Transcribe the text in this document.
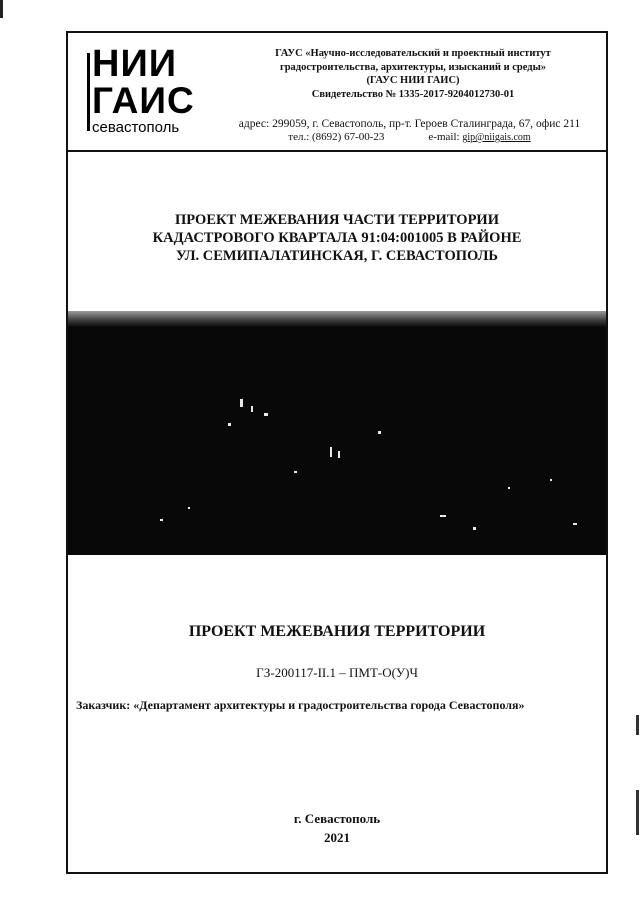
НИИ
ГАИС
севастополь
ГАУС «Научно-исследовательский и проектный институт
градостроительства, архитектуры, изысканий и среды»
(ГАУС НИИ ГАИС)
Свидетельство № 1335-2017-9204012730-01
адрес: 299059, г. Севастополь, пр-т. Героев Сталинграда, 67, офис 211
тел.: (8692) 67-00-23	e-mail: gip@niigais.com
ПРОЕКТ МЕЖЕВАНИЯ ЧАСТИ ТЕРРИТОРИИ
КАДАСТРОВОГО КВАРТАЛА 91:04:001005 В РАЙОНЕ
УЛ. СЕМИПАЛАТИНСКАЯ, Г. СЕВАСТОПОЛЬ
ПРОЕКТ МЕЖЕВАНИЯ ТЕРРИТОРИИ
ГЗ-200117-II.1 – ПМТ-О(У)Ч
Заказчик: «Департамент архитектуры и градостроительства города Севастополя»
г. Севастополь
2021
